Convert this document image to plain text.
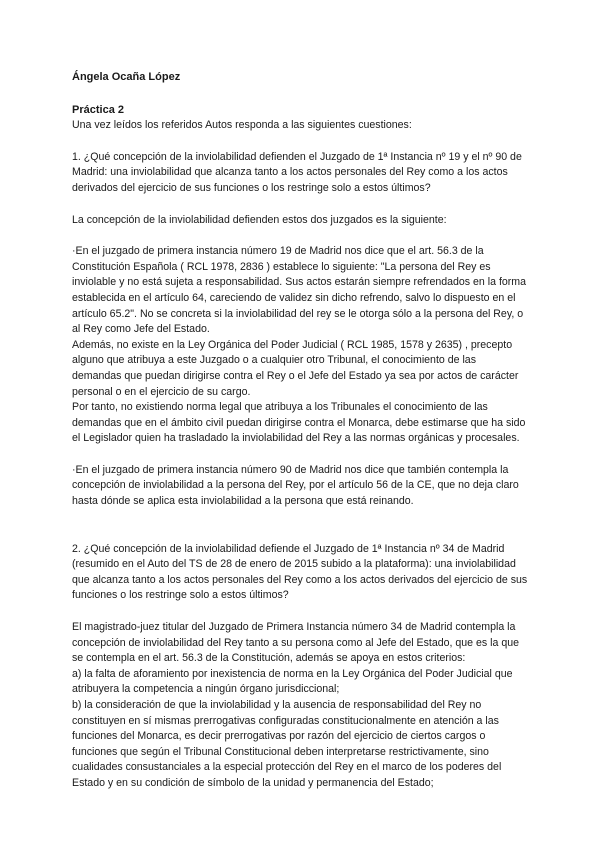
Ángela Ocaña López

Práctica 2

Una vez leídos los referidos Autos responda a las siguientes cuestiones:

1. ¿Qué concepción de la inviolabilidad defienden el Juzgado de 1ª Instancia nº 19 y el nº 90 de Madrid: una inviolabilidad que alcanza tanto a los actos personales del Rey como a los actos derivados del ejercicio de sus funciones o los restringe solo a estos últimos?

La concepción de la inviolabilidad defienden estos dos juzgados es la siguiente:

·En el juzgado de primera instancia número 19 de Madrid nos dice que el art. 56.3 de la Constitución Española ( RCL 1978, 2836 ) establece lo siguiente: "La persona del Rey es inviolable y no está sujeta a responsabilidad. Sus actos estarán siempre refrendados en la forma establecida en el artículo 64, careciendo de validez sin dicho refrendo, salvo lo dispuesto en el artículo 65.2". No se concreta si la inviolabilidad del rey se le otorga sólo a la persona del Rey, o al Rey como Jefe del Estado.

Además, no existe en la Ley Orgánica del Poder Judicial ( RCL 1985, 1578 y 2635) , precepto alguno que atribuya a este Juzgado o a cualquier otro Tribunal, el conocimiento de las demandas que puedan dirigirse contra el Rey o el Jefe del Estado ya sea por actos de carácter personal o en el ejercicio de su cargo.

Por tanto, no existiendo norma legal que atribuya a los Tribunales el conocimiento de las demandas que en el ámbito civil puedan dirigirse contra el Monarca, debe estimarse que ha sido el Legislador quien ha trasladado la inviolabilidad del Rey a las normas orgánicas y procesales.

·En el juzgado de primera instancia número 90 de Madrid nos dice que también contempla la concepción de inviolabilidad a la persona del Rey, por el artículo 56 de la CE, que no deja claro hasta dónde se aplica esta inviolabilidad a la persona que está reinando.

2. ¿Qué concepción de la inviolabilidad defiende el Juzgado de 1ª Instancia nº 34 de Madrid (resumido en el Auto del TS de 28 de enero de 2015 subido a la plataforma): una inviolabilidad que alcanza tanto a los actos personales del Rey como a los actos derivados del ejercicio de sus funciones o los restringe solo a estos últimos?

El magistrado-juez titular del Juzgado de Primera Instancia número 34 de Madrid contempla la concepción de inviolabilidad del Rey tanto a su persona como al Jefe del Estado, que es la que se contempla en el art. 56.3 de la Constitución, además se apoya en estos criterios:

a) la falta de aforamiento por inexistencia de norma en la Ley Orgánica del Poder Judicial que atribuyera la competencia a ningún órgano jurisdiccional;

b) la consideración de que la inviolabilidad y la ausencia de responsabilidad del Rey no constituyen en sí mismas prerrogativas configuradas constitucionalmente en atención a las funciones del Monarca, es decir prerrogativas por razón del ejercicio de ciertos cargos o funciones que según el Tribunal Constitucional deben interpretarse restrictivamente, sino cualidades consustanciales a la especial protección del Rey en el marco de los poderes del Estado y en su condición de símbolo de la unidad y permanencia del Estado;
